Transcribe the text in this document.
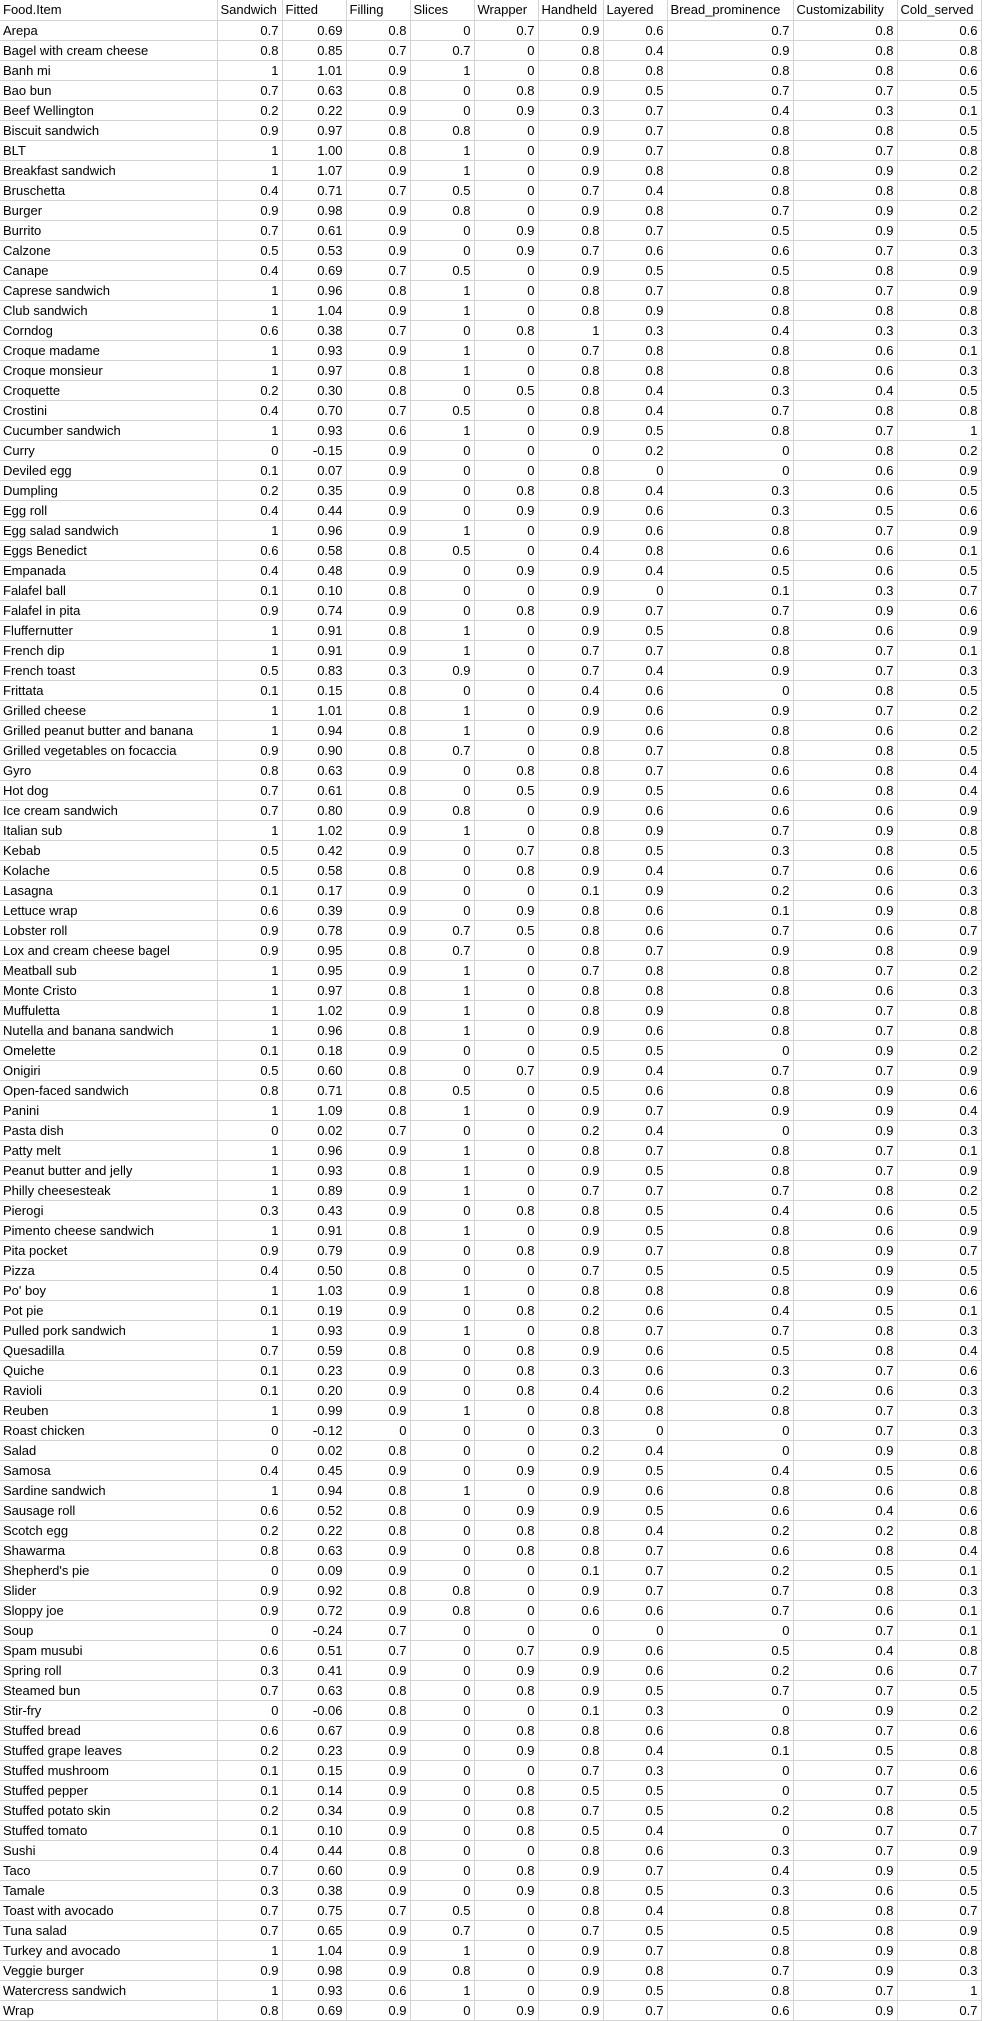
Food.Item	Sandwich	Fitted	Filling	Slices	Wrapper	Handheld	Layered	Bread_prominence	Customizability	Cold_served
Arepa	0.7	0.69	0.8	0	0.7	0.9	0.6	0.7	0.8	0.6
Bagel with cream cheese	0.8	0.85	0.7	0.7	0	0.8	0.4	0.9	0.8	0.8
Banh mi	1	1.01	0.9	1	0	0.8	0.8	0.8	0.8	0.6
Bao bun	0.7	0.63	0.8	0	0.8	0.9	0.5	0.7	0.7	0.5
Beef Wellington	0.2	0.22	0.9	0	0.9	0.3	0.7	0.4	0.3	0.1
Biscuit sandwich	0.9	0.97	0.8	0.8	0	0.9	0.7	0.8	0.8	0.5
BLT	1	1.00	0.8	1	0	0.9	0.7	0.8	0.7	0.8
Breakfast sandwich	1	1.07	0.9	1	0	0.9	0.8	0.8	0.9	0.2
Bruschetta	0.4	0.71	0.7	0.5	0	0.7	0.4	0.8	0.8	0.8
Burger	0.9	0.98	0.9	0.8	0	0.9	0.8	0.7	0.9	0.2
Burrito	0.7	0.61	0.9	0	0.9	0.8	0.7	0.5	0.9	0.5
Calzone	0.5	0.53	0.9	0	0.9	0.7	0.6	0.6	0.7	0.3
Canape	0.4	0.69	0.7	0.5	0	0.9	0.5	0.5	0.8	0.9
Caprese sandwich	1	0.96	0.8	1	0	0.8	0.7	0.8	0.7	0.9
Club sandwich	1	1.04	0.9	1	0	0.8	0.9	0.8	0.8	0.8
Corndog	0.6	0.38	0.7	0	0.8	1	0.3	0.4	0.3	0.3
Croque madame	1	0.93	0.9	1	0	0.7	0.8	0.8	0.6	0.1
Croque monsieur	1	0.97	0.8	1	0	0.8	0.8	0.8	0.6	0.3
Croquette	0.2	0.30	0.8	0	0.5	0.8	0.4	0.3	0.4	0.5
Crostini	0.4	0.70	0.7	0.5	0	0.8	0.4	0.7	0.8	0.8
Cucumber sandwich	1	0.93	0.6	1	0	0.9	0.5	0.8	0.7	1
Curry	0	-0.15	0.9	0	0	0	0.2	0	0.8	0.2
Deviled egg	0.1	0.07	0.9	0	0	0.8	0	0	0.6	0.9
Dumpling	0.2	0.35	0.9	0	0.8	0.8	0.4	0.3	0.6	0.5
Egg roll	0.4	0.44	0.9	0	0.9	0.9	0.6	0.3	0.5	0.6
Egg salad sandwich	1	0.96	0.9	1	0	0.9	0.6	0.8	0.7	0.9
Eggs Benedict	0.6	0.58	0.8	0.5	0	0.4	0.8	0.6	0.6	0.1
Empanada	0.4	0.48	0.9	0	0.9	0.9	0.4	0.5	0.6	0.5
Falafel ball	0.1	0.10	0.8	0	0	0.9	0	0.1	0.3	0.7
Falafel in pita	0.9	0.74	0.9	0	0.8	0.9	0.7	0.7	0.9	0.6
Fluffernutter	1	0.91	0.8	1	0	0.9	0.5	0.8	0.6	0.9
French dip	1	0.91	0.9	1	0	0.7	0.7	0.8	0.7	0.1
French toast	0.5	0.83	0.3	0.9	0	0.7	0.4	0.9	0.7	0.3
Frittata	0.1	0.15	0.8	0	0	0.4	0.6	0	0.8	0.5
Grilled cheese	1	1.01	0.8	1	0	0.9	0.6	0.9	0.7	0.2
Grilled peanut butter and banana	1	0.94	0.8	1	0	0.9	0.6	0.8	0.6	0.2
Grilled vegetables on focaccia	0.9	0.90	0.8	0.7	0	0.8	0.7	0.8	0.8	0.5
Gyro	0.8	0.63	0.9	0	0.8	0.8	0.7	0.6	0.8	0.4
Hot dog	0.7	0.61	0.8	0	0.5	0.9	0.5	0.6	0.8	0.4
Ice cream sandwich	0.7	0.80	0.9	0.8	0	0.9	0.6	0.6	0.6	0.9
Italian sub	1	1.02	0.9	1	0	0.8	0.9	0.7	0.9	0.8
Kebab	0.5	0.42	0.9	0	0.7	0.8	0.5	0.3	0.8	0.5
Kolache	0.5	0.58	0.8	0	0.8	0.9	0.4	0.7	0.6	0.6
Lasagna	0.1	0.17	0.9	0	0	0.1	0.9	0.2	0.6	0.3
Lettuce wrap	0.6	0.39	0.9	0	0.9	0.8	0.6	0.1	0.9	0.8
Lobster roll	0.9	0.78	0.9	0.7	0.5	0.8	0.6	0.7	0.6	0.7
Lox and cream cheese bagel	0.9	0.95	0.8	0.7	0	0.8	0.7	0.9	0.8	0.9
Meatball sub	1	0.95	0.9	1	0	0.7	0.8	0.8	0.7	0.2
Monte Cristo	1	0.97	0.8	1	0	0.8	0.8	0.8	0.6	0.3
Muffuletta	1	1.02	0.9	1	0	0.8	0.9	0.8	0.7	0.8
Nutella and banana sandwich	1	0.96	0.8	1	0	0.9	0.6	0.8	0.7	0.8
Omelette	0.1	0.18	0.9	0	0	0.5	0.5	0	0.9	0.2
Onigiri	0.5	0.60	0.8	0	0.7	0.9	0.4	0.7	0.7	0.9
Open-faced sandwich	0.8	0.71	0.8	0.5	0	0.5	0.6	0.8	0.9	0.6
Panini	1	1.09	0.8	1	0	0.9	0.7	0.9	0.9	0.4
Pasta dish	0	0.02	0.7	0	0	0.2	0.4	0	0.9	0.3
Patty melt	1	0.96	0.9	1	0	0.8	0.7	0.8	0.7	0.1
Peanut butter and jelly	1	0.93	0.8	1	0	0.9	0.5	0.8	0.7	0.9
Philly cheesesteak	1	0.89	0.9	1	0	0.7	0.7	0.7	0.8	0.2
Pierogi	0.3	0.43	0.9	0	0.8	0.8	0.5	0.4	0.6	0.5
Pimento cheese sandwich	1	0.91	0.8	1	0	0.9	0.5	0.8	0.6	0.9
Pita pocket	0.9	0.79	0.9	0	0.8	0.9	0.7	0.8	0.9	0.7
Pizza	0.4	0.50	0.8	0	0	0.7	0.5	0.5	0.9	0.5
Po' boy	1	1.03	0.9	1	0	0.8	0.8	0.8	0.9	0.6
Pot pie	0.1	0.19	0.9	0	0.8	0.2	0.6	0.4	0.5	0.1
Pulled pork sandwich	1	0.93	0.9	1	0	0.8	0.7	0.7	0.8	0.3
Quesadilla	0.7	0.59	0.8	0	0.8	0.9	0.6	0.5	0.8	0.4
Quiche	0.1	0.23	0.9	0	0.8	0.3	0.6	0.3	0.7	0.6
Ravioli	0.1	0.20	0.9	0	0.8	0.4	0.6	0.2	0.6	0.3
Reuben	1	0.99	0.9	1	0	0.8	0.8	0.8	0.7	0.3
Roast chicken	0	-0.12	0	0	0	0.3	0	0	0.7	0.3
Salad	0	0.02	0.8	0	0	0.2	0.4	0	0.9	0.8
Samosa	0.4	0.45	0.9	0	0.9	0.9	0.5	0.4	0.5	0.6
Sardine sandwich	1	0.94	0.8	1	0	0.9	0.6	0.8	0.6	0.8
Sausage roll	0.6	0.52	0.8	0	0.9	0.9	0.5	0.6	0.4	0.6
Scotch egg	0.2	0.22	0.8	0	0.8	0.8	0.4	0.2	0.2	0.8
Shawarma	0.8	0.63	0.9	0	0.8	0.8	0.7	0.6	0.8	0.4
Shepherd's pie	0	0.09	0.9	0	0	0.1	0.7	0.2	0.5	0.1
Slider	0.9	0.92	0.8	0.8	0	0.9	0.7	0.7	0.8	0.3
Sloppy joe	0.9	0.72	0.9	0.8	0	0.6	0.6	0.7	0.6	0.1
Soup	0	-0.24	0.7	0	0	0	0	0	0.7	0.1
Spam musubi	0.6	0.51	0.7	0	0.7	0.9	0.6	0.5	0.4	0.8
Spring roll	0.3	0.41	0.9	0	0.9	0.9	0.6	0.2	0.6	0.7
Steamed bun	0.7	0.63	0.8	0	0.8	0.9	0.5	0.7	0.7	0.5
Stir-fry	0	-0.06	0.8	0	0	0.1	0.3	0	0.9	0.2
Stuffed bread	0.6	0.67	0.9	0	0.8	0.8	0.6	0.8	0.7	0.6
Stuffed grape leaves	0.2	0.23	0.9	0	0.9	0.8	0.4	0.1	0.5	0.8
Stuffed mushroom	0.1	0.15	0.9	0	0	0.7	0.3	0	0.7	0.6
Stuffed pepper	0.1	0.14	0.9	0	0.8	0.5	0.5	0	0.7	0.5
Stuffed potato skin	0.2	0.34	0.9	0	0.8	0.7	0.5	0.2	0.8	0.5
Stuffed tomato	0.1	0.10	0.9	0	0.8	0.5	0.4	0	0.7	0.7
Sushi	0.4	0.44	0.8	0	0	0.8	0.6	0.3	0.7	0.9
Taco	0.7	0.60	0.9	0	0.8	0.9	0.7	0.4	0.9	0.5
Tamale	0.3	0.38	0.9	0	0.9	0.8	0.5	0.3	0.6	0.5
Toast with avocado	0.7	0.75	0.7	0.5	0	0.8	0.4	0.8	0.8	0.7
Tuna salad	0.7	0.65	0.9	0.7	0	0.7	0.5	0.5	0.8	0.9
Turkey and avocado	1	1.04	0.9	1	0	0.9	0.7	0.8	0.9	0.8
Veggie burger	0.9	0.98	0.9	0.8	0	0.9	0.8	0.7	0.9	0.3
Watercress sandwich	1	0.93	0.6	1	0	0.9	0.5	0.8	0.7	1
Wrap	0.8	0.69	0.9	0	0.9	0.9	0.7	0.6	0.9	0.7
